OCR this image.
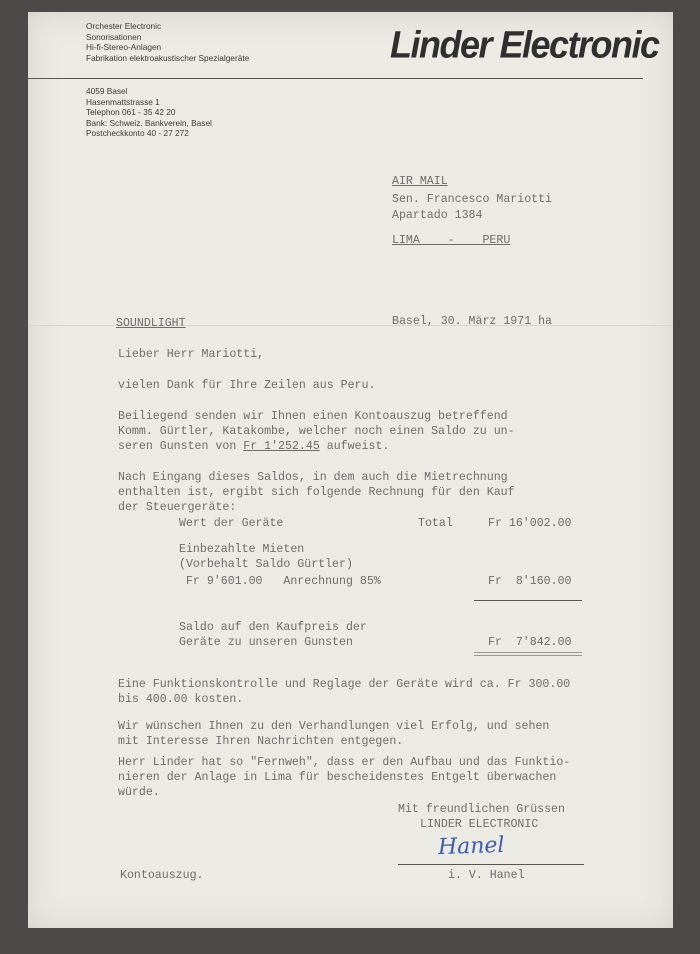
Orchester Electronic
Sonorisationen
Hi-fi-Stereo-Anlagen
Fabrikation elektroakustischer Spezialgeräte	Linder Electronic
4059 Basel
Hasenmattstrasse 1
Telephon 061 - 35 42 20
Bank: Schweiz. Bankverein, Basel
Postcheckkonto 40 - 27 272
AIR MAIL
Sen. Francesco Mariotti
Apartado 1384
LIMA    -    PERU
SOUNDLIGHT	Basel, 30. März 1971 ha
Lieber Herr Mariotti,
vielen Dank für Ihre Zeilen aus Peru.
Beiliegend senden wir Ihnen einen Kontoauszug betreffend
Komm. Gürtler, Katakombe, welcher noch einen Saldo zu un-
seren Gunsten von Fr 1'252.45 aufweist.
Nach Eingang dieses Saldos, in dem auch die Mietrechnung
enthalten ist, ergibt sich folgende Rechnung für den Kauf
der Steuergeräte:
Wert der Geräte	Total	Fr 16'002.00
Einbezahlte Mieten
(Vorbehalt Saldo Gürtler)
Fr 9'601.00   Anrechnung 85%	Fr  8'160.00
Saldo auf den Kaufpreis der
Geräte zu unseren Gunsten	Fr  7'842.00
Eine Funktionskontrolle und Reglage der Geräte wird ca. Fr 300.00
bis 400.00 kosten.
Wir wünschen Ihnen zu den Verhandlungen viel Erfolg, und sehen
mit Interesse Ihren Nachrichten entgegen.
Herr Linder hat so "Fernweh", dass er den Aufbau und das Funktio-
nieren der Anlage in Lima für bescheidenstes Entgelt überwachen
würde.
Mit freundlichen Grüssen
LINDER ELECTRONIC
Hanel
i. V. Hanel
Kontoauszug.
